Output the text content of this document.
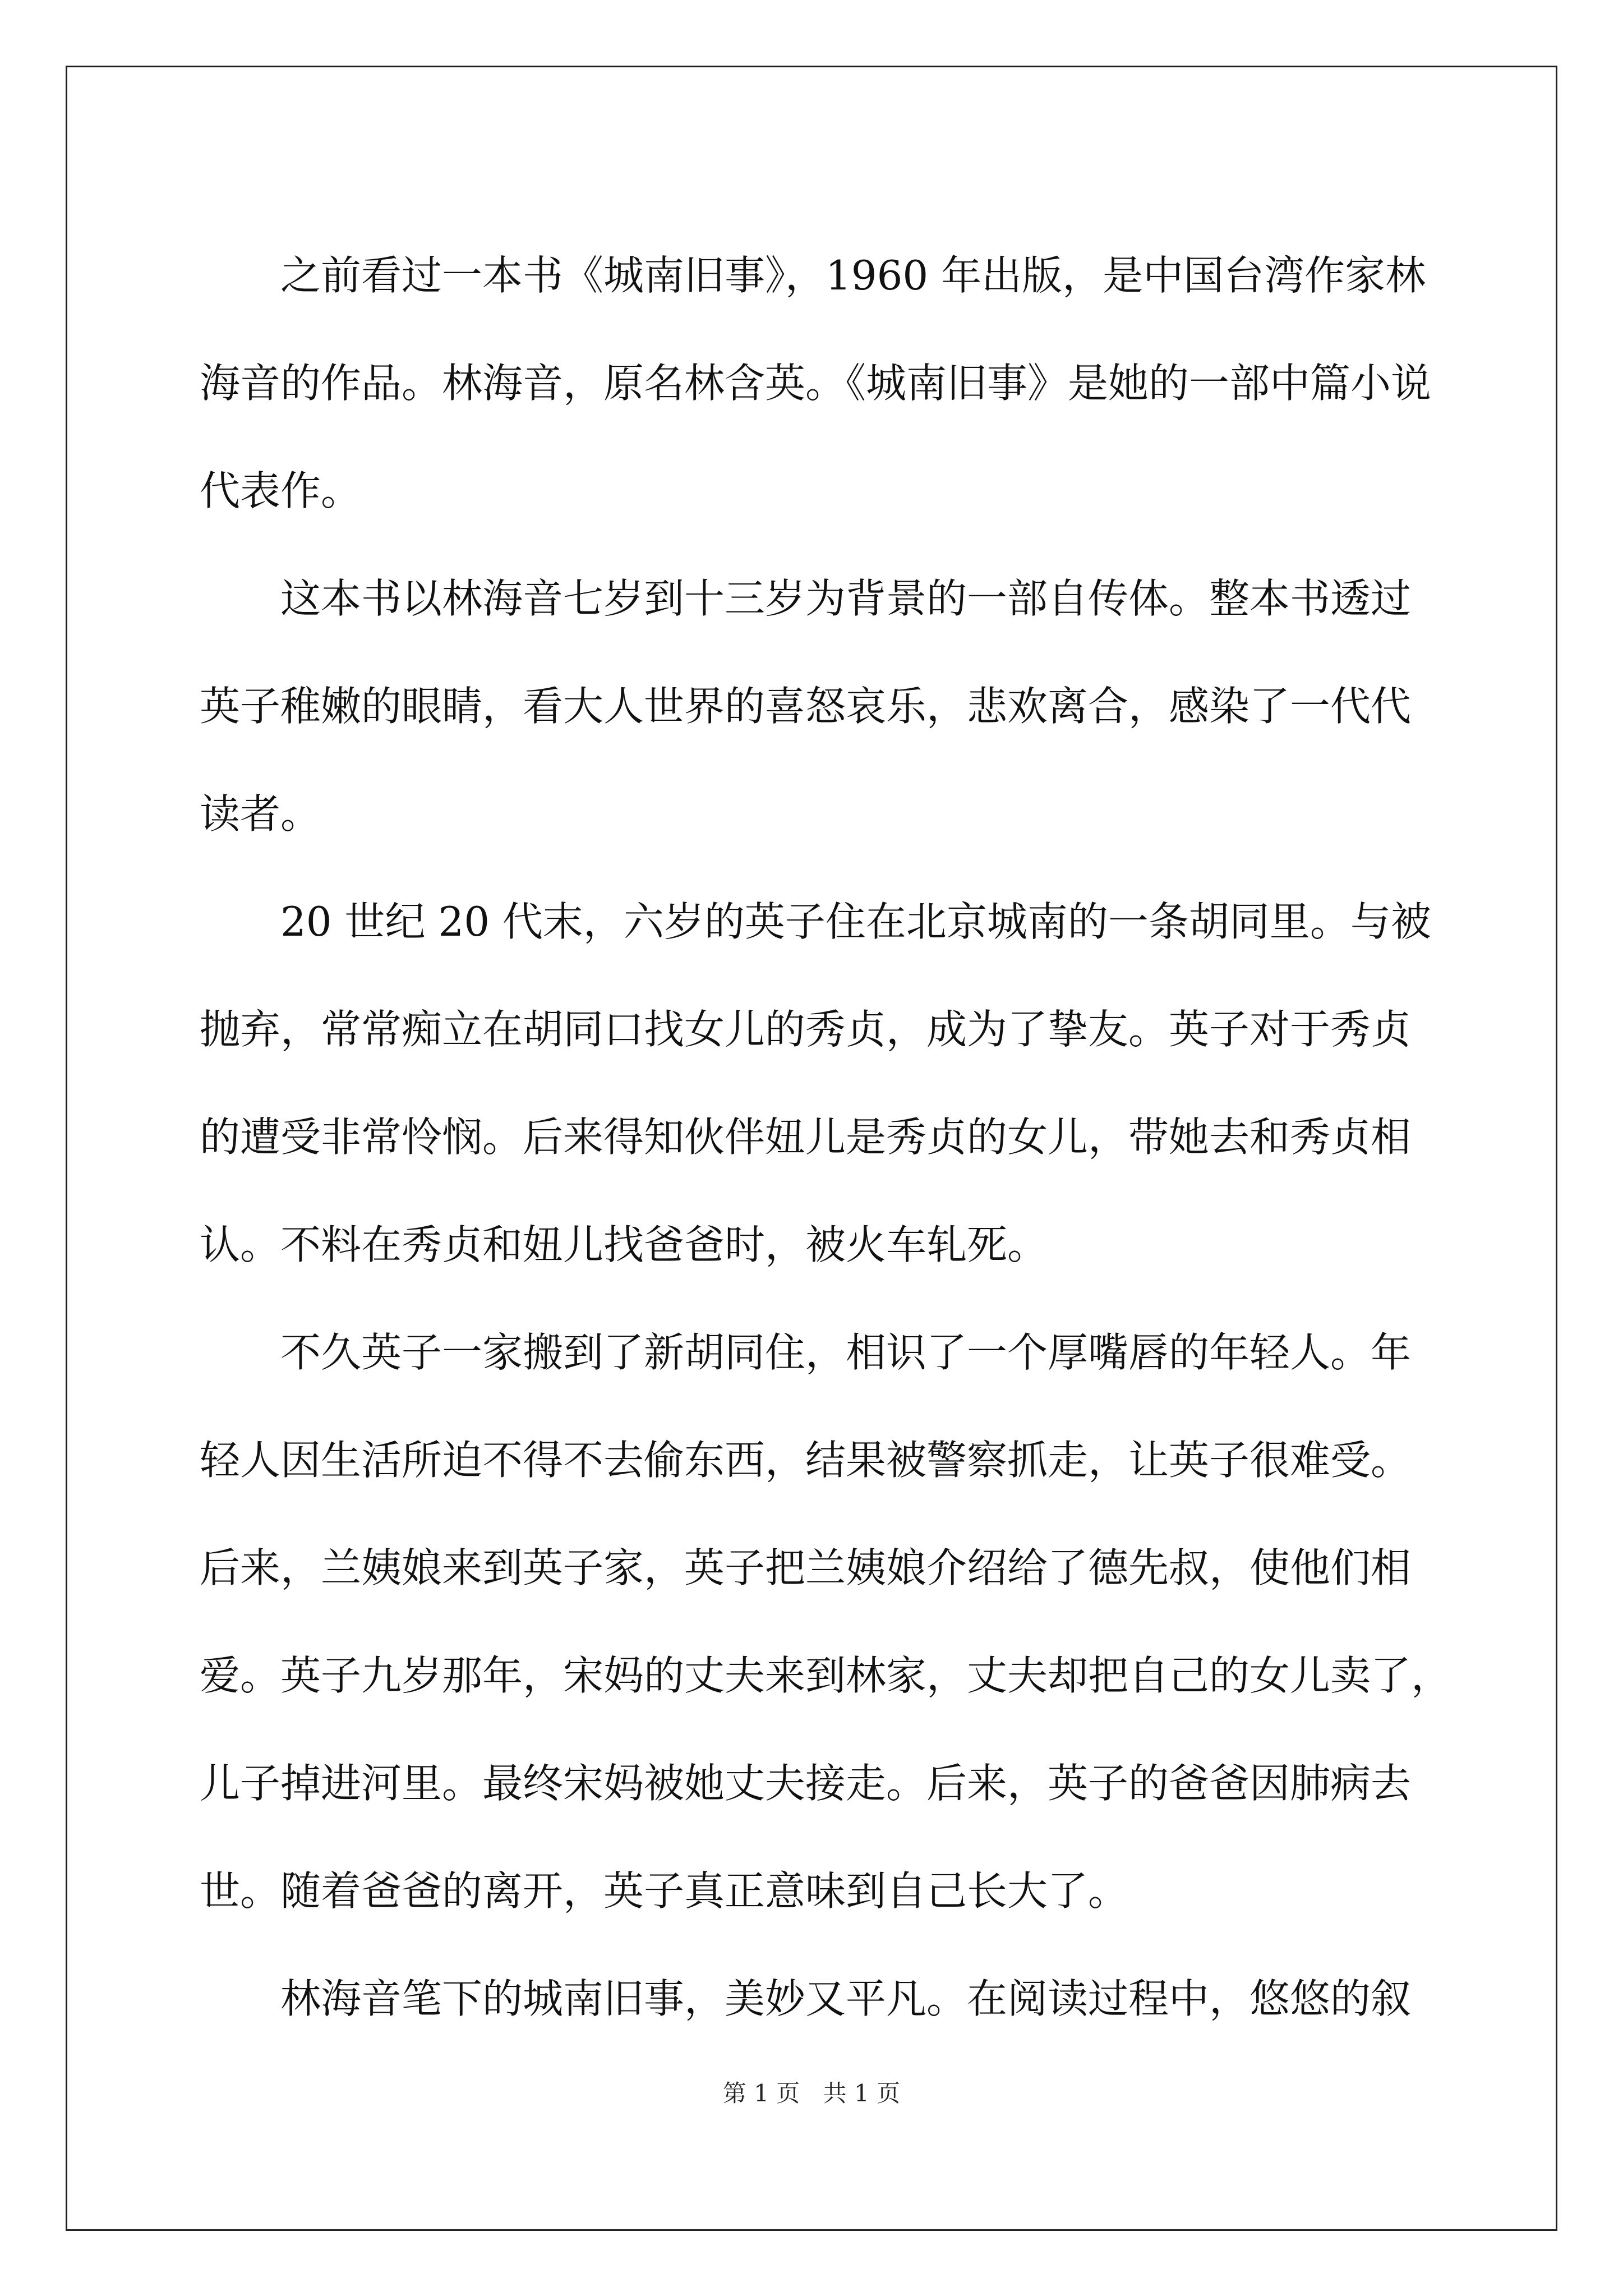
之前看过一本书《城南旧事》，1960 年出版，是中国台湾作家林
海音的作品。林海音，原名林含英。《城南旧事》是她的一部中篇小说
代表作。
这本书以林海音七岁到十三岁为背景的一部自传体。整本书透过
英子稚嫩的眼睛，看大人世界的喜怒哀乐，悲欢离合，感染了一代代
读者。
20 世纪 20 代末，六岁的英子住在北京城南的一条胡同里。与被
抛弃，常常痴立在胡同口找女儿的秀贞，成为了挚友。英子对于秀贞
的遭受非常怜悯。后来得知伙伴妞儿是秀贞的女儿，带她去和秀贞相
认。不料在秀贞和妞儿找爸爸时，被火车轧死。
不久英子一家搬到了新胡同住，相识了一个厚嘴唇的年轻人。年
轻人因生活所迫不得不去偷东西，结果被警察抓走，让英子很难受。
后来，兰姨娘来到英子家，英子把兰姨娘介绍给了德先叔，使他们相
爱。英子九岁那年，宋妈的丈夫来到林家，丈夫却把自己的女儿卖了，
儿子掉进河里。最终宋妈被她丈夫接走。后来，英子的爸爸因肺病去
世。随着爸爸的离开，英子真正意味到自己长大了。
林海音笔下的城南旧事，美妙又平凡。在阅读过程中，悠悠的叙
第 1 页 共 1 页
